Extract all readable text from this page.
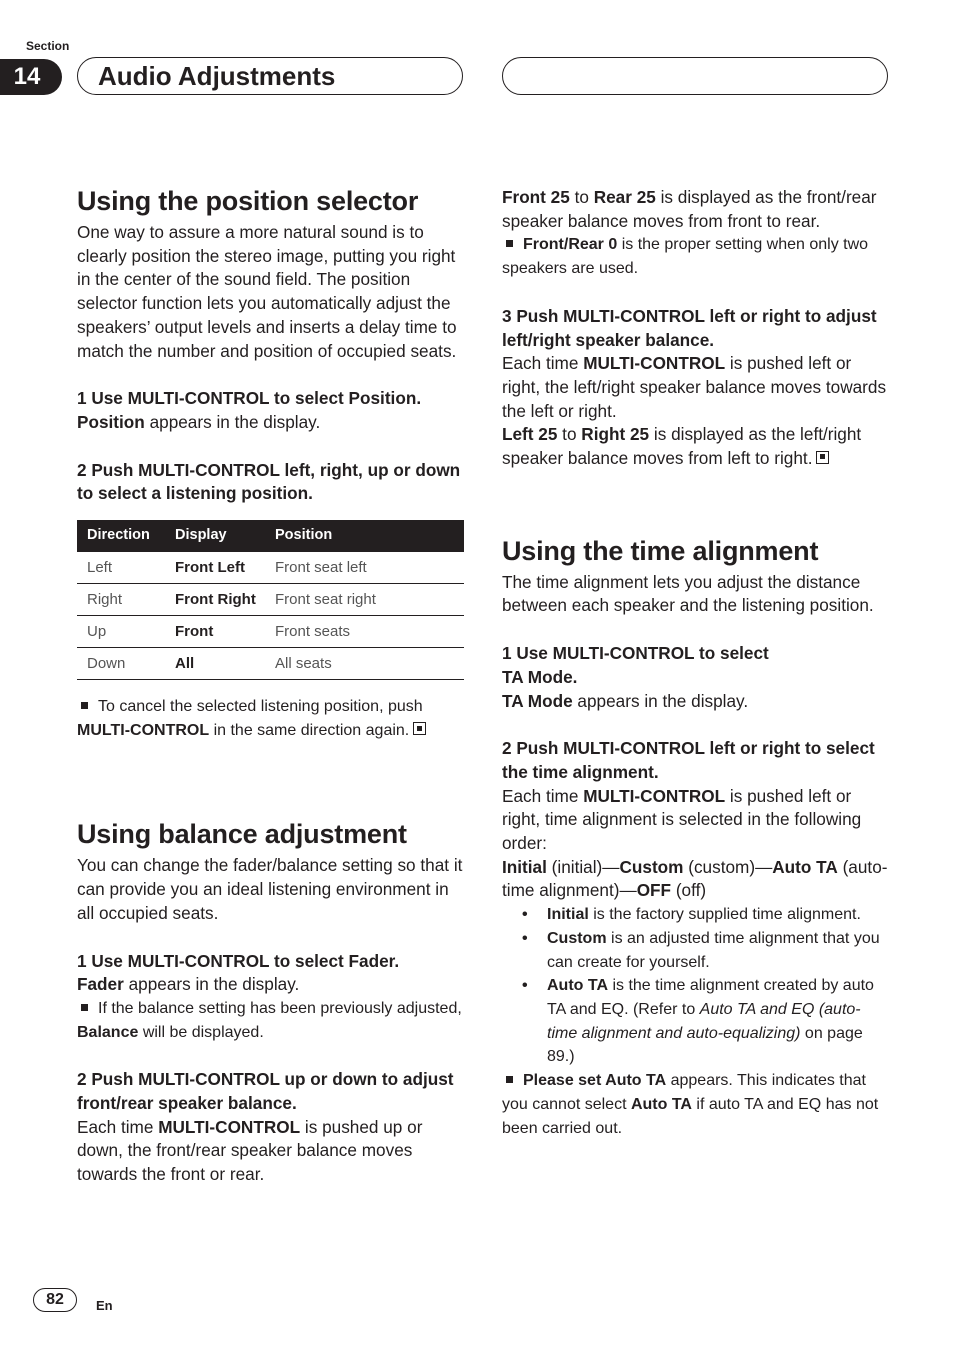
Section
14	Audio Adjustments
Using the position selector

One way to assure a more natural sound is to clearly position the stereo image, putting you right in the center of the sound field. The position selector function lets you automatically adjust the speakers’ output levels and inserts a delay time to match the number and position of occupied seats.

1 Use MULTI-CONTROL to select Position.

Position appears in the display.

2 Push MULTI-CONTROL left, right, up or down to select a listening position.

Direction	Display	Position
Left	Front Left	Front seat left
Right	Front Right	Front seat right
Up	Front	Front seats
Down	All	All seats

To cancel the selected listening position, push MULTI-CONTROL in the same direction again.

Using balance adjustment

You can change the fader/balance setting so that it can provide you an ideal listening environment in all occupied seats.

1 Use MULTI-CONTROL to select Fader.

Fader appears in the display.

If the balance setting has been previously adjusted, Balance will be displayed.

2 Push MULTI-CONTROL up or down to adjust front/rear speaker balance.

Each time MULTI-CONTROL is pushed up or down, the front/rear speaker balance moves towards the front or rear.

Front 25 to Rear 25 is displayed as the front/rear speaker balance moves from front to rear.

Front/Rear 0 is the proper setting when only two speakers are used.

3 Push MULTI-CONTROL left or right to adjust left/right speaker balance.

Each time MULTI-CONTROL is pushed left or right, the left/right speaker balance moves towards the left or right.

Left 25 to Right 25 is displayed as the left/right speaker balance moves from left to right.

Using the time alignment

The time alignment lets you adjust the distance between each speaker and the listening position.

1 Use MULTI-CONTROL to select

TA Mode.

TA Mode appears in the display.

2 Push MULTI-CONTROL left or right to select the time alignment.

Each time MULTI-CONTROL is pushed left or right, time alignment is selected in the following order:

Initial (initial)—Custom (custom)—Auto TA (auto-time alignment)—OFF (off)

• Initial is the factory supplied time alignment.
• Custom is an adjusted time alignment that you can create for yourself.
• Auto TA is the time alignment created by auto TA and EQ. (Refer to Auto TA and EQ (auto-time alignment and auto-equalizing) on page 89.)

Please set Auto TA appears. This indicates that you cannot select Auto TA if auto TA and EQ has not been carried out.

82	En
